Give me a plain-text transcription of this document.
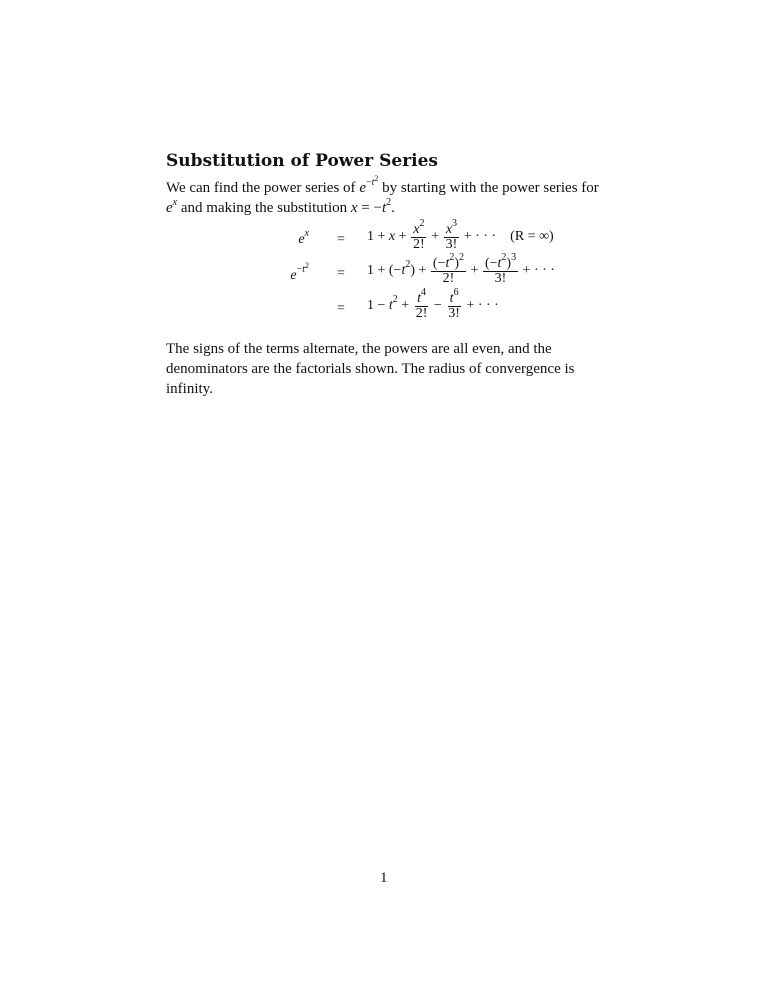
Substitution of Power Series

We can find the power series of $e^{-t^2}$ by starting with the power series for $e^x$ and making the substitution $x = -t^2$.

$e^x = 1 + x + \frac{x^2}{2!} + \frac{x^3}{3!}$ + · · · (R = ∞)
$e^{-t^2}$
= $1 + (-t^2) + \frac{(-t^2)^2}{2!} + \frac{(-t^2)^3}{3!}$ + · · ·
= $1 - t^2 + \frac{t^4}{2!} - \frac{t^6}{3!}$ + · · ·

The signs of the terms alternate, the powers are all even, and the denominators are the factorials shown. The radius of convergence is infinity.

1
